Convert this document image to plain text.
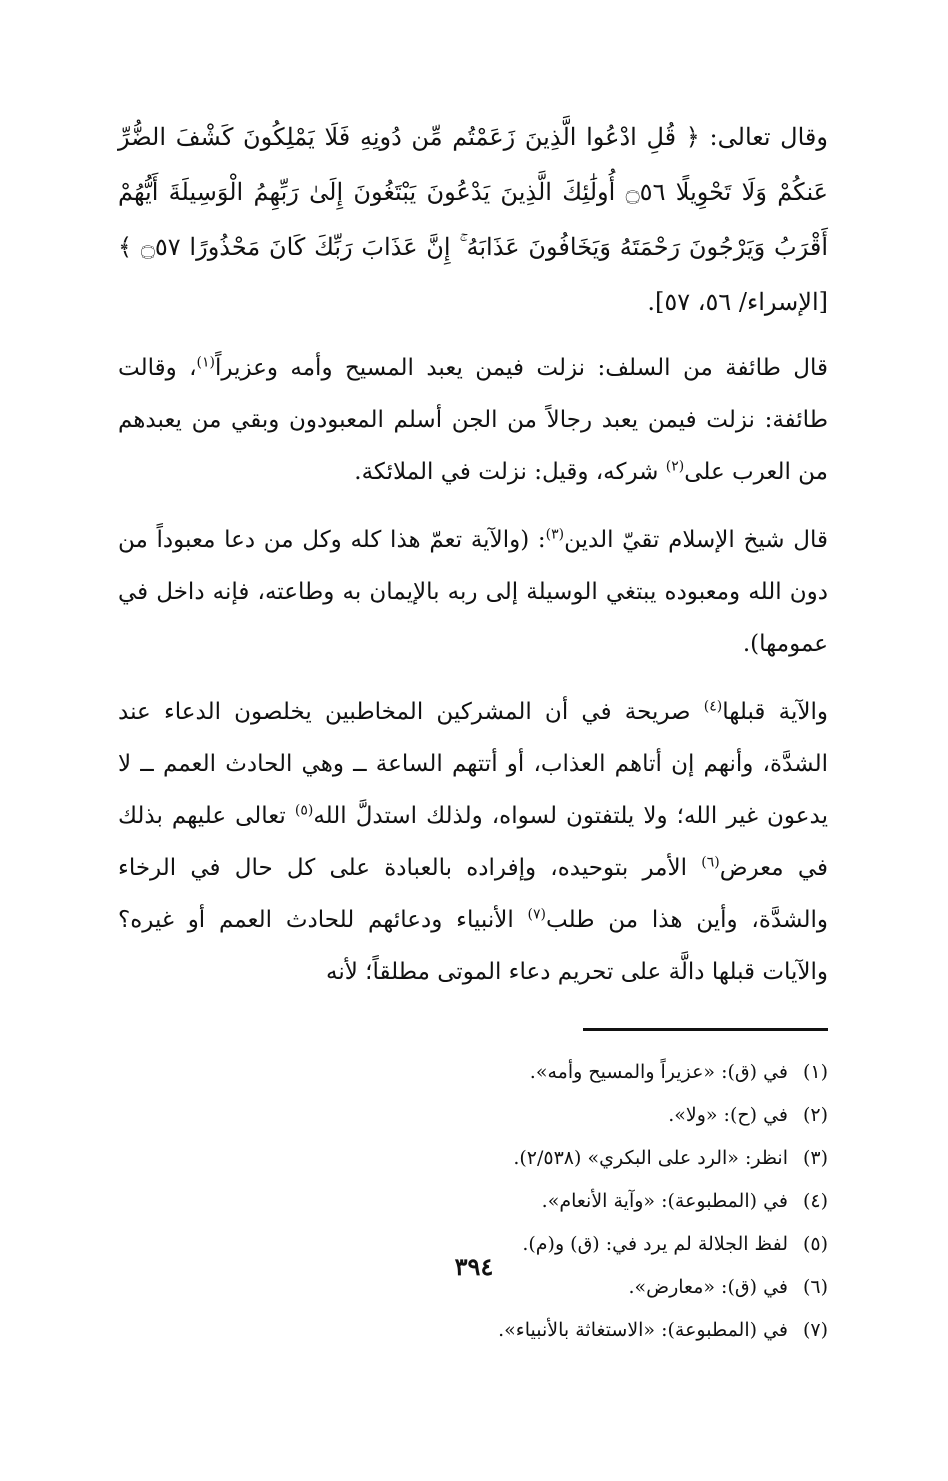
وقال تعالى: ﴿ قُلِ ادْعُوا الَّذِينَ زَعَمْتُم مِّن دُونِهِ فَلَا يَمْلِكُونَ كَشْفَ الضُّرِّ عَنكُمْ وَلَا تَحْوِيلًا ۝٥٦ أُولَٰئِكَ الَّذِينَ يَدْعُونَ يَبْتَغُونَ إِلَىٰ رَبِّهِمُ الْوَسِيلَةَ أَيُّهُمْ أَقْرَبُ وَيَرْجُونَ رَحْمَتَهُ وَيَخَافُونَ عَذَابَهُ ۚ إِنَّ عَذَابَ رَبِّكَ كَانَ مَحْذُورًا ۝٥٧ ﴾ [الإسراء/ ٥٦، ٥٧].

قال طائفة من السلف: نزلت فيمن يعبد المسيح وأمه وعزيراً$^{(١)}$، وقالت طائفة: نزلت فيمن يعبد رجالاً من الجن أسلم المعبودون وبقي من يعبدهم من العرب على$^{(٢)}$ شركه، وقيل: نزلت في الملائكة.

قال شيخ الإسلام تقيّ الدين$^{(٣)}$: (والآية تعمّ هذا كله وكل من دعا معبوداً من دون الله ومعبوده يبتغي الوسيلة إلى ربه بالإيمان به وطاعته، فإنه داخل في عمومها).

والآية قبلها$^{(٤)}$ صريحة في أن المشركين المخاطبين يخلصون الدعاء عند الشدَّة، وأنهم إن أتاهم العذاب، أو أتتهم الساعة ــ وهي الحادث العمم ــ لا يدعون غير الله؛ ولا يلتفتون لسواه، ولذلك استدلَّ الله$^{(٥)}$ تعالى عليهم بذلك في معرض$^{(٦)}$ الأمر بتوحيده، وإفراده بالعبادة على كل حال في الرخاء والشدَّة، وأين هذا من طلب$^{(٧)}$ الأنبياء ودعائهم للحادث العمم أو غيره؟ والآيات قبلها دالَّة على تحريم دعاء الموتى مطلقاً؛ لأنه

(١)في (ق): «عزيراً والمسيح وأمه».
(٢)في (ح): «ولا».
(٣)انظر: «الرد على البكري» (٢/٥٣٨).
(٤)في (المطبوعة): «وآية الأنعام».
(٥)لفظ الجلالة لم يرد في: (ق) و(م).
(٦)في (ق): «معارض».
(٧)في (المطبوعة): «الاستغاثة بالأنبياء».
٣٩٤
